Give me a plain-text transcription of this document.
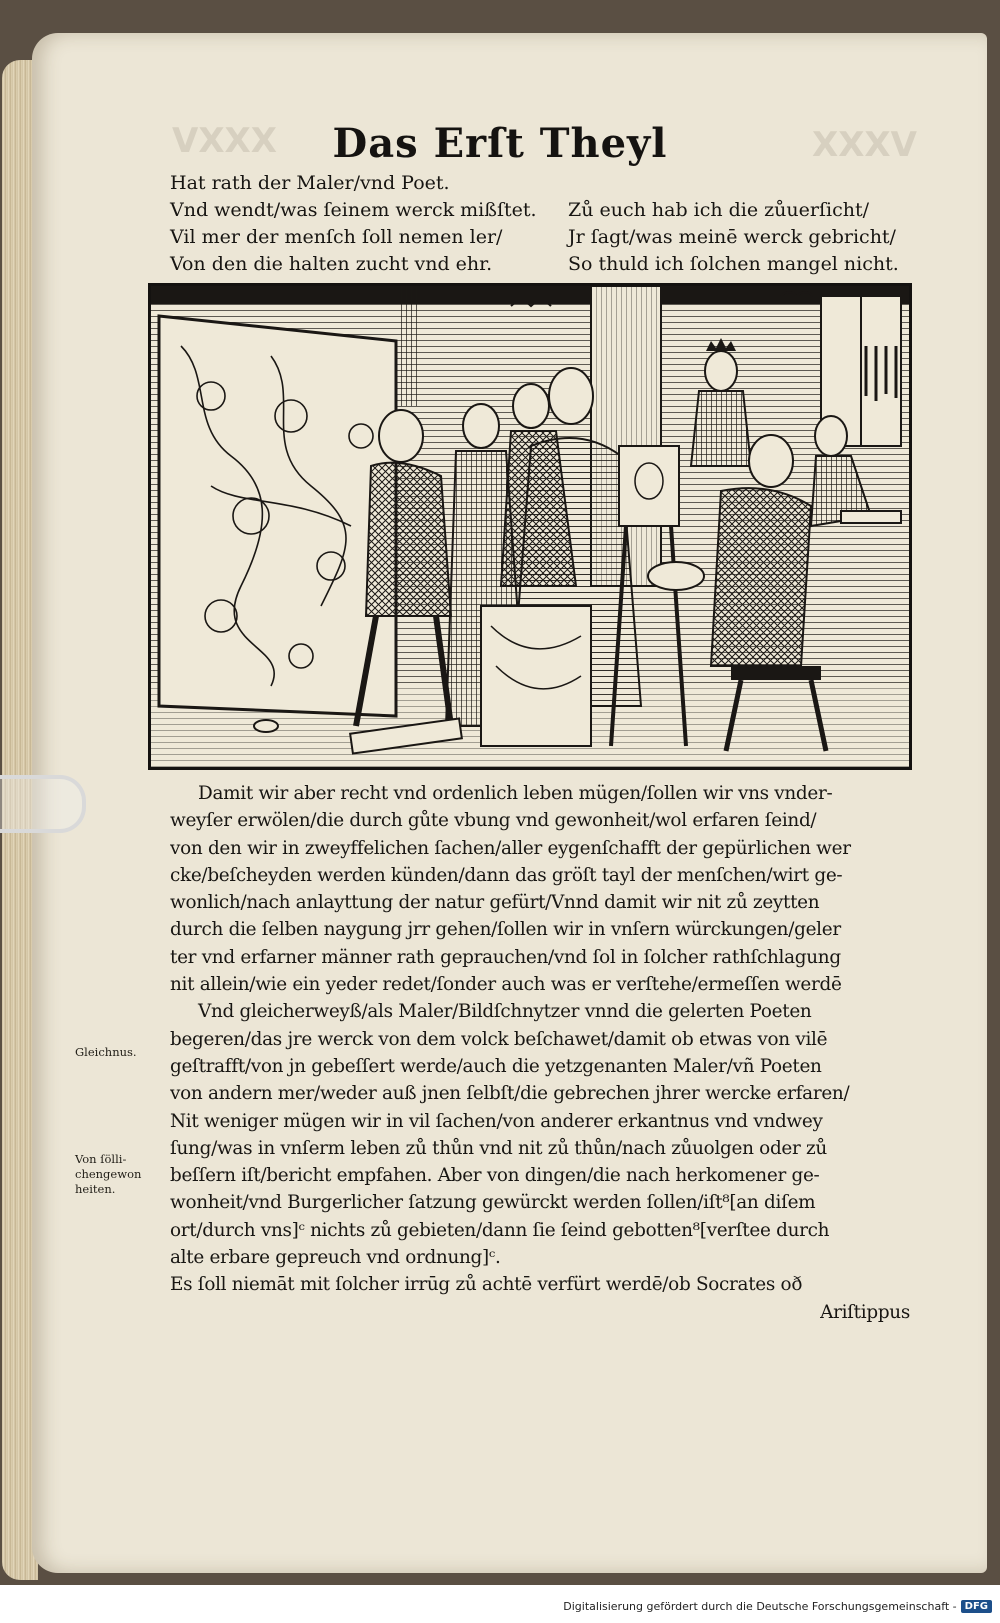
VXXX	XXXV
Das Erſt Theyl
Hat rath der Maler/vnd Poet.
Vnd wendt/was ſeinem werck mißſtet.
Vil mer der menſch ſoll nemen ler/
Von den die halten zucht vnd ehr.
Zů euch hab ich die zůuerſicht/
Jr ſagt/was meinē werck gebricht/
So thuld ich ſolchen mangel nicht.
Damit wir aber recht vnd ordenlich leben mügen/ſollen wir vns vnder-
weyſer erwölen/die durch gůte vbung vnd gewonheit/wol erfaren ſeind/
von den wir in zweyffelichen ſachen/aller eygenſchafft der gepürlichen wer
cke/beſcheyden werden künden/dann das gröſt tayl der menſchen/wirt ge-
wonlich/nach anlayttung der natur gefürt/Vnnd damit wir nit zů zeytten
durch die ſelben naygung jrr gehen/ſollen wir in vnſern würckungen/geler
ter vnd erfarner männer rath geprauchen/vnd ſol in ſolcher rathſchlagung
nit allein/wie ein yeder redet/ſonder auch was er verſtehe/ermeſſen werdē
Vnd gleicherweyß/als Maler/Bildſchnytzer vnnd die gelerten Poeten
begeren/das jre werck von dem volck beſchawet/damit ob etwas von vilē
geſtrafft/von jn gebeſſert werde/auch die yetzgenanten Maler/vñ Poeten
von andern mer/weder auß jnen ſelbſt/die gebrechen jhrer wercke erfaren/
Nit weniger mügen wir in vil ſachen/von anderer erkantnus vnd vndwey
ſung/was in vnſerm leben zů thůn vnd nit zů thůn/nach zůuolgen oder zů
beſſern iſt/bericht empfahen. Aber von dingen/die nach herkomener ge-
wonheit/vnd Burgerlicher ſatzung gewürckt werden ſollen/iſt⁸[an diſem
ort/durch vns]ᶜ nichts zů gebieten/dann ſie ſeind gebotten⁸[verſtee durch
alte erbare gepreuch vnd ordnung]ᶜ.
Es ſoll niemāt mit ſolcher irrūg zů achtē verfürt werdē/ob Socrates oð
Ariſtippus
Gleichnus.
Von ſölli-
chengewon
heiten.
Digitalisierung gefördert durch die Deutsche Forschungsgemeinschaft - DFG
